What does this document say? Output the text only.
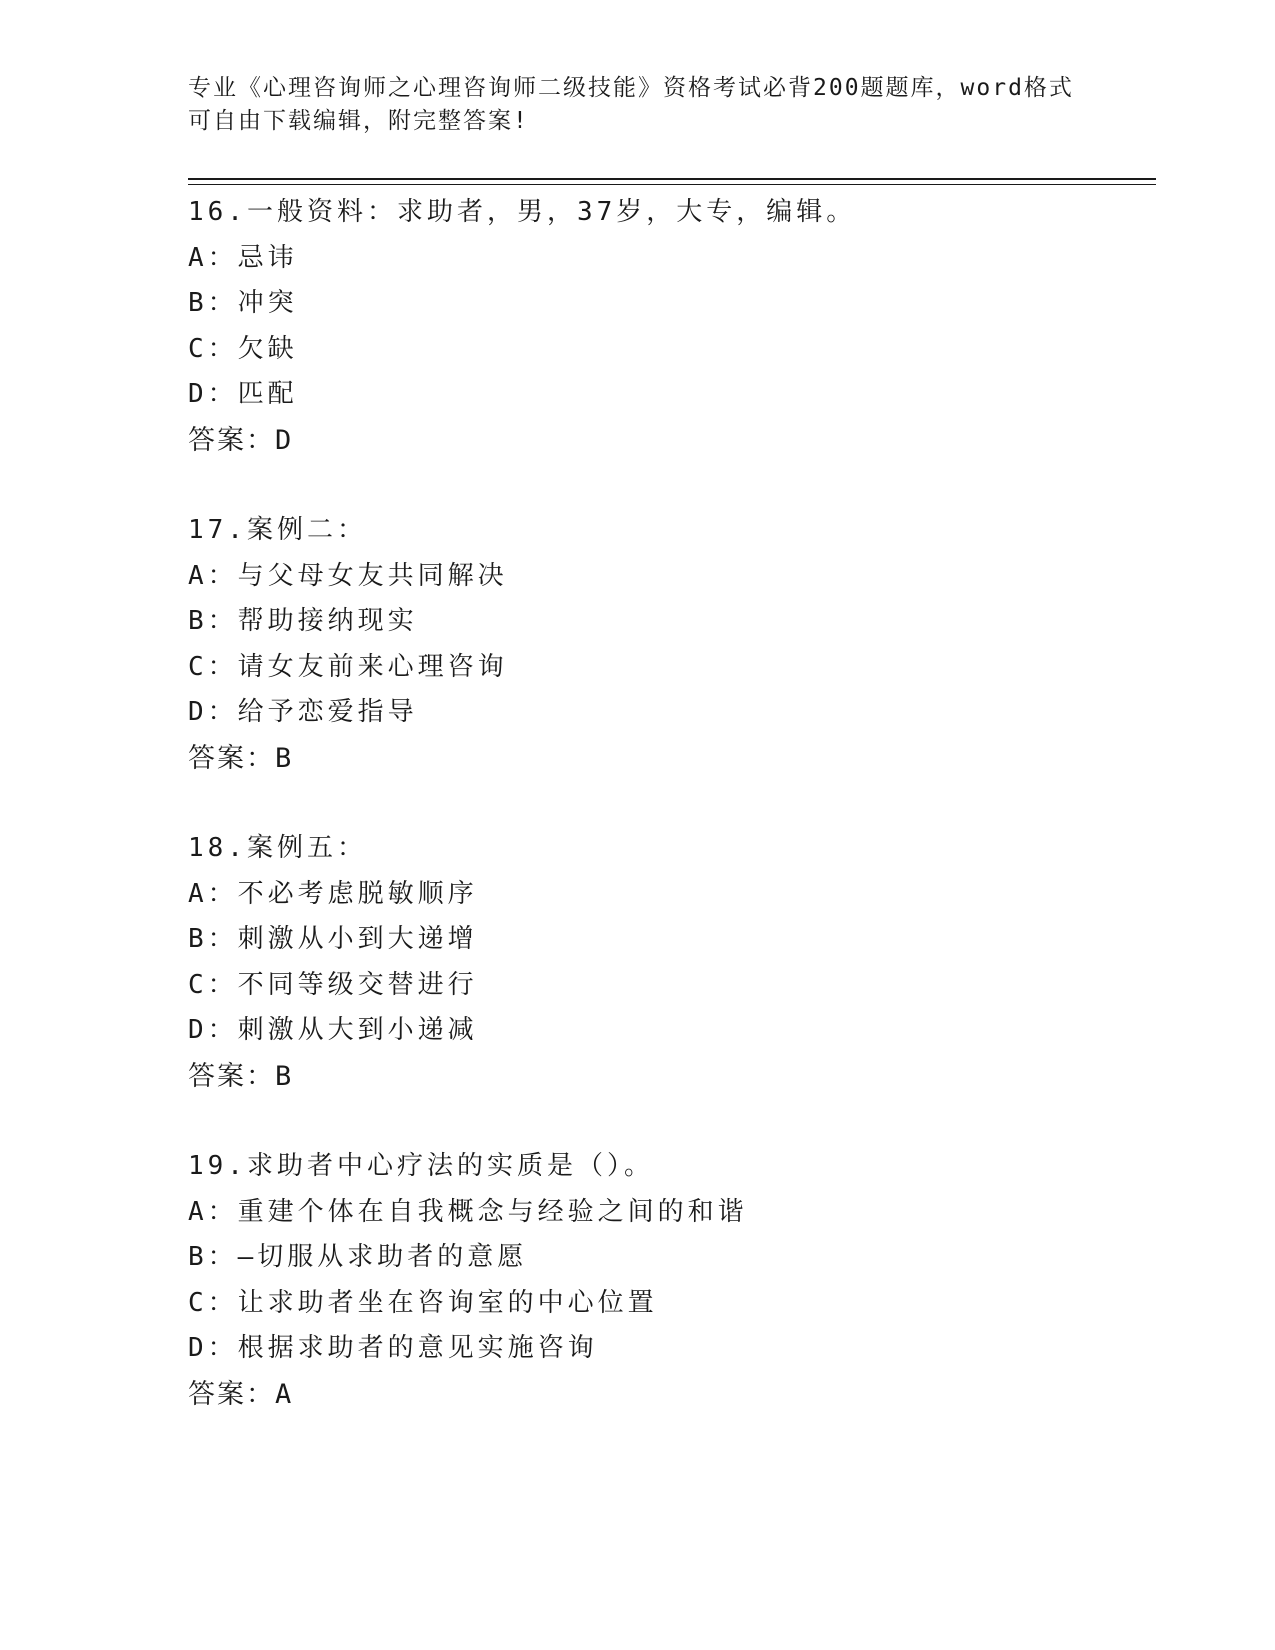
专业《心理咨询师之心理咨询师二级技能》资格考试必背200题题库，word格式
可自由下载编辑，附完整答案!
16.一般资料：求助者，男，37岁，大专，编辑。
A：忌讳
B：冲突
C：欠缺
D：匹配
答案：D
17.案例二：
A：与父母女友共同解决
B：帮助接纳现实
C：请女友前来心理咨询
D：给予恋爱指导
答案：B
18.案例五：
A：不必考虑脱敏顺序
B：刺激从小到大递增
C：不同等级交替进行
D：刺激从大到小递减
答案：B
19.求助者中心疗法的实质是（）。
A：重建个体在自我概念与经验之间的和谐
B：—切服从求助者的意愿
C：让求助者坐在咨询室的中心位置
D：根据求助者的意见实施咨询
答案：A
